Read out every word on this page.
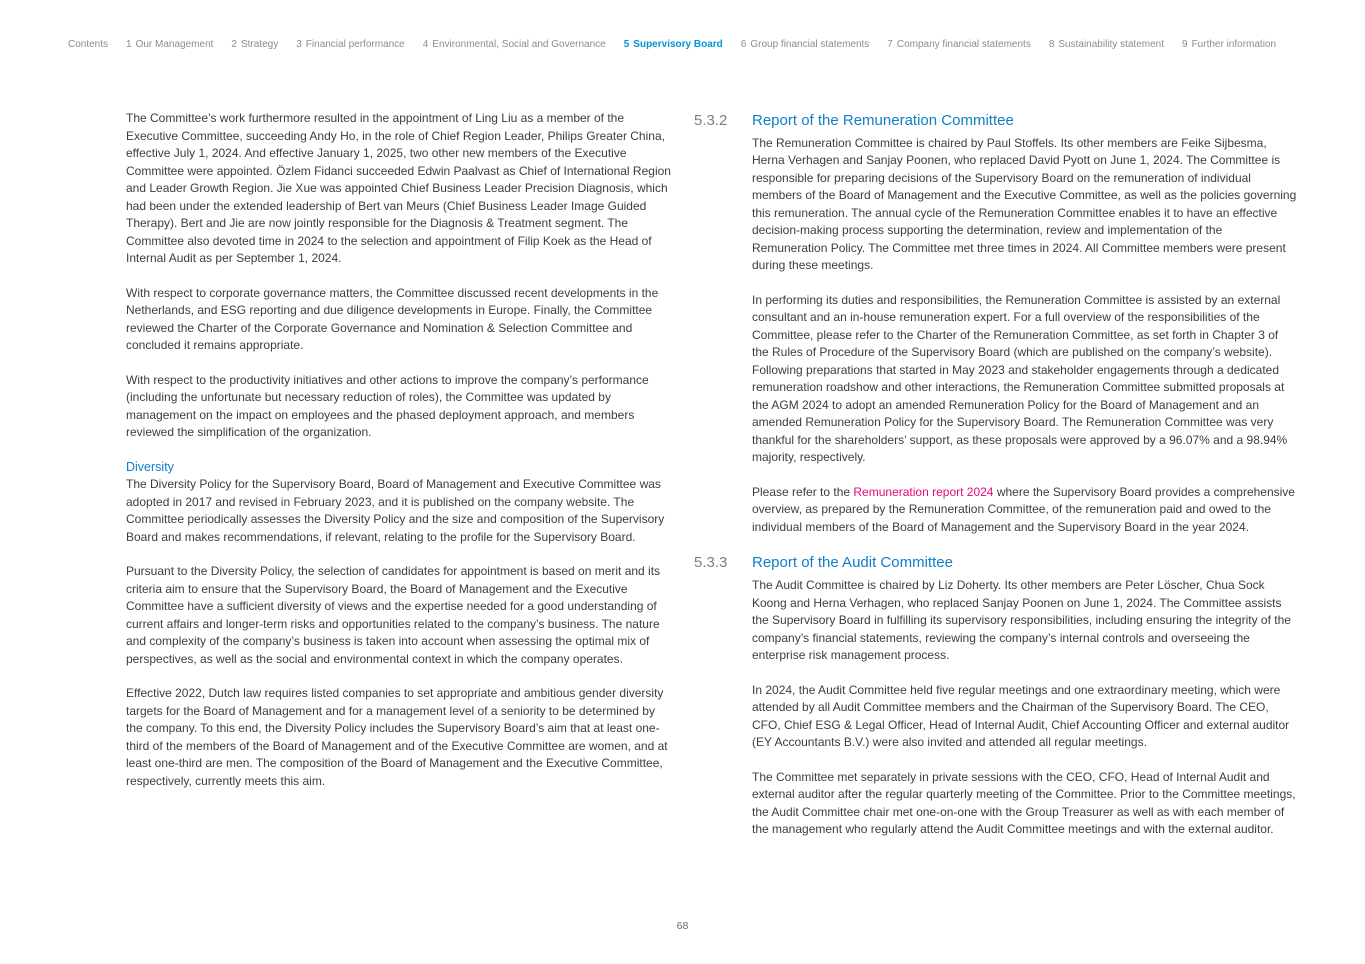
Contents 1 Our Management 2 Strategy 3 Financial performance 4 Environmental, Social and Governance 5 Supervisory Board 6 Group financial statements 7 Company financial statements 8 Sustainability statement 9 Further information

The Committee’s work furthermore resulted in the appointment of Ling Liu as a member of the Executive Committee, succeeding Andy Ho, in the role of Chief Region Leader, Philips Greater China, effective July 1, 2024. And effective January 1, 2025, two other new members of the Executive Committee were appointed. Özlem Fidanci succeeded Edwin Paalvast as Chief of International Region and Leader Growth Region. Jie Xue was appointed Chief Business Leader Precision Diagnosis, which had been under the extended leadership of Bert van Meurs (Chief Business Leader Image Guided Therapy). Bert and Jie are now jointly responsible for the Diagnosis & Treatment segment. The Committee also devoted time in 2024 to the selection and appointment of Filip Koek as the Head of Internal Audit as per September 1, 2024.

With respect to corporate governance matters, the Committee discussed recent developments in the Netherlands, and ESG reporting and due diligence developments in Europe. Finally, the Committee reviewed the Charter of the Corporate Governance and Nomination & Selection Committee and concluded it remains appropriate.

With respect to the productivity initiatives and other actions to improve the company’s performance (including the unfortunate but necessary reduction of roles), the Committee was updated by management on the impact on employees and the phased deployment approach, and members reviewed the simplification of the organization.

Diversity

The Diversity Policy for the Supervisory Board, Board of Management and Executive Committee was adopted in 2017 and revised in February 2023, and it is published on the company website. The Committee periodically assesses the Diversity Policy and the size and composition of the Supervisory Board and makes recommendations, if relevant, relating to the profile for the Supervisory Board.

Pursuant to the Diversity Policy, the selection of candidates for appointment is based on merit and its criteria aim to ensure that the Supervisory Board, the Board of Management and the Executive Committee have a sufficient diversity of views and the expertise needed for a good understanding of current affairs and longer-term risks and opportunities related to the company’s business. The nature and complexity of the company’s business is taken into account when assessing the optimal mix of perspectives, as well as the social and environmental context in which the company operates.

Effective 2022, Dutch law requires listed companies to set appropriate and ambitious gender diversity targets for the Board of Management and for a management level of a seniority to be determined by the company. To this end, the Diversity Policy includes the Supervisory Board’s aim that at least one-third of the members of the Board of Management and of the Executive Committee are women, and at least one-third are men. The composition of the Board of Management and the Executive Committee, respectively, currently meets this aim.

5.3.2	Report of the Remuneration Committee

The Remuneration Committee is chaired by Paul Stoffels. Its other members are Feike Sijbesma, Herna Verhagen and Sanjay Poonen, who replaced David Pyott on June 1, 2024. The Committee is responsible for preparing decisions of the Supervisory Board on the remuneration of individual members of the Board of Management and the Executive Committee, as well as the policies governing this remuneration. The annual cycle of the Remuneration Committee enables it to have an effective decision-making process supporting the determination, review and implementation of the Remuneration Policy. The Committee met three times in 2024. All Committee members were present during these meetings.

In performing its duties and responsibilities, the Remuneration Committee is assisted by an external consultant and an in-house remuneration expert. For a full overview of the responsibilities of the Committee, please refer to the Charter of the Remuneration Committee, as set forth in Chapter 3 of the Rules of Procedure of the Supervisory Board (which are published on the company’s website).

Following preparations that started in May 2023 and stakeholder engagements through a dedicated remuneration roadshow and other interactions, the Remuneration Committee submitted proposals at the AGM 2024 to adopt an amended Remuneration Policy for the Board of Management and an amended Remuneration Policy for the Supervisory Board. The Remuneration Committee was very thankful for the shareholders’ support, as these proposals were approved by a 96.07% and a 98.94% majority, respectively.

Please refer to the Remuneration report 2024 where the Supervisory Board provides a comprehensive overview, as prepared by the Remuneration Committee, of the remuneration paid and owed to the individual members of the Board of Management and the Supervisory Board in the year 2024.

5.3.3	Report of the Audit Committee

The Audit Committee is chaired by Liz Doherty. Its other members are Peter Löscher, Chua Sock Koong and Herna Verhagen, who replaced Sanjay Poonen on June 1, 2024. The Committee assists the Supervisory Board in fulfilling its supervisory responsibilities, including ensuring the integrity of the company’s financial statements, reviewing the company’s internal controls and overseeing the enterprise risk management process.

In 2024, the Audit Committee held five regular meetings and one extraordinary meeting, which were attended by all Audit Committee members and the Chairman of the Supervisory Board. The CEO, CFO, Chief ESG & Legal Officer, Head of Internal Audit, Chief Accounting Officer and external auditor (EY Accountants B.V.) were also invited and attended all regular meetings.

The Committee met separately in private sessions with the CEO, CFO, Head of Internal Audit and external auditor after the regular quarterly meeting of the Committee. Prior to the Committee meetings, the Audit Committee chair met one-on-one with the Group Treasurer as well as with each member of the management who regularly attend the Audit Committee meetings and with the external auditor.

68
